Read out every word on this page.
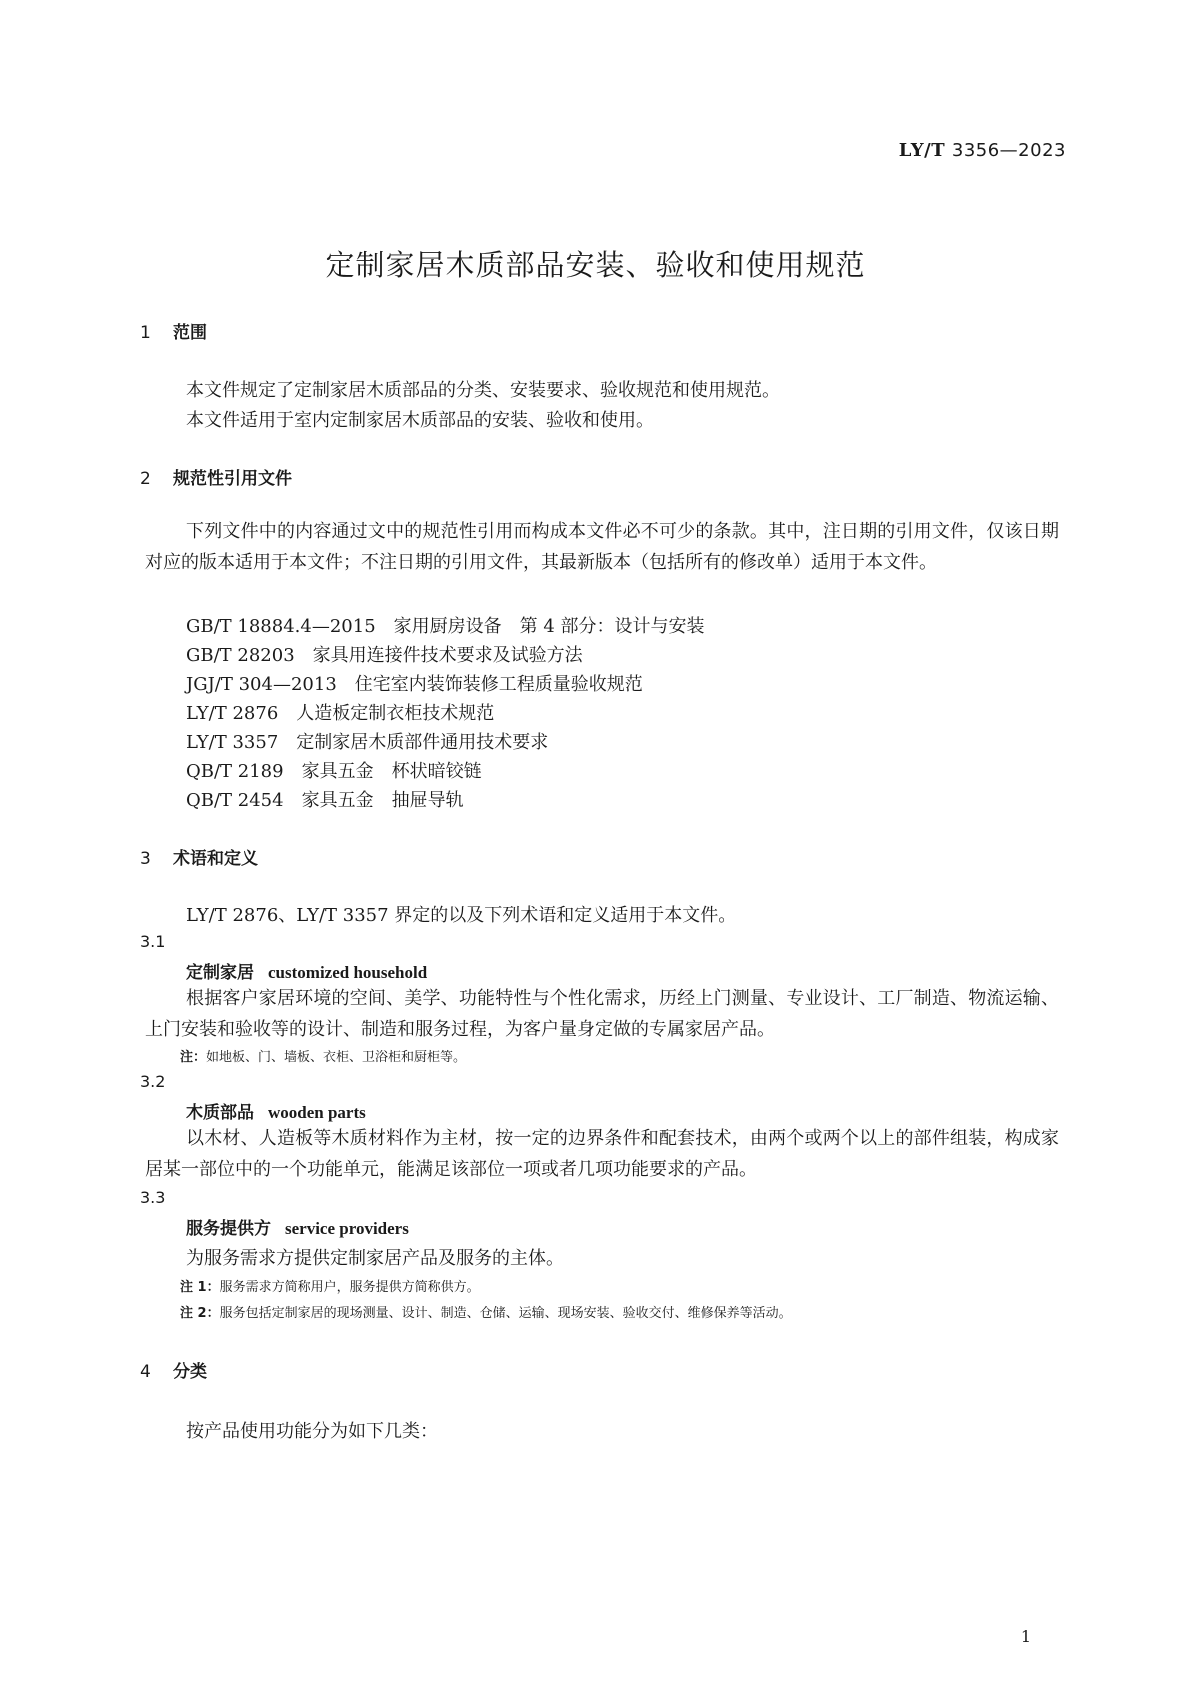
LY/T 3356—2023
定制家居木质部品安装、验收和使用规范
1 范围
本文件规定了定制家居木质部品的分类、安装要求、验收规范和使用规范。
本文件适用于室内定制家居木质部品的安装、验收和使用。
2 规范性引用文件
下列文件中的内容通过文中的规范性引用而构成本文件必不可少的条款。其中，注日期的引用文件，仅该日期对应的版本适用于本文件；不注日期的引用文件，其最新版本（包括所有的修改单）适用于本文件。
GB/T 18884.4—2015　 家用厨房设备　第 4 部分：设计与安装
GB/T 28203　 家具用连接件技术要求及试验方法
JGJ/T 304—2013　 住宅室内装饰装修工程质量验收规范
LY/T 2876　 人造板定制衣柜技术规范
LY/T 3357　 定制家居木质部件通用技术要求
QB/T 2189　 家具五金　杯状暗铰链
QB/T 2454　 家具五金　抽屉导轨
3 术语和定义
LY/T 2876、LY/T 3357 界定的以及下列术语和定义适用于本文件。
3.1
定制家居 customized household
根据客户家居环境的空间、美学、功能特性与个性化需求，历经上门测量、专业设计、工厂制造、物流运输、上门安装和验收等的设计、制造和服务过程，为客户量身定做的专属家居产品。
注：如地板、门、墙板、衣柜、卫浴柜和厨柜等。
3.2
木质部品 wooden parts
以木材、人造板等木质材料作为主材，按一定的边界条件和配套技术，由两个或两个以上的部件组装，构成家居某一部位中的一个功能单元，能满足该部位一项或者几项功能要求的产品。
3.3
服务提供方 service providers
为服务需求方提供定制家居产品及服务的主体。
注 1：服务需求方简称用户，服务提供方简称供方。
注 2：服务包括定制家居的现场测量、设计、制造、仓储、运输、现场安装、验收交付、维修保养等活动。
4 分类
按产品使用功能分为如下几类：
1
